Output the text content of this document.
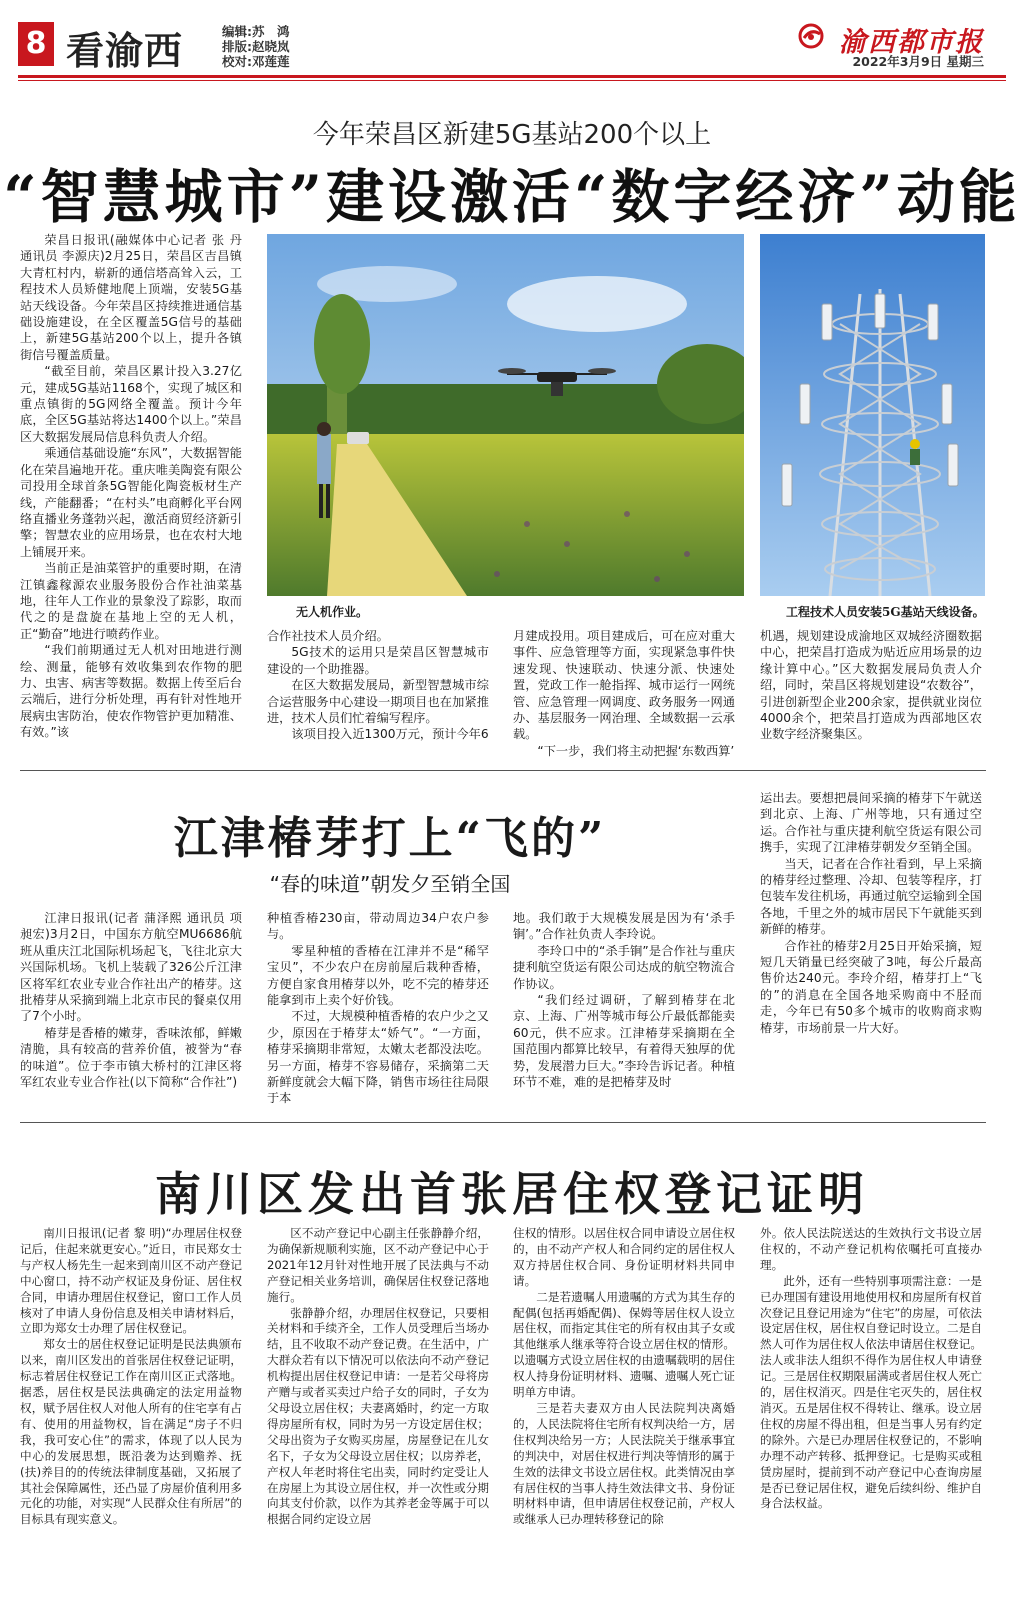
8 看渝西	编辑:苏　鸿
排版:赵晓岚
校对:邓莲莲
渝西都市报
2022年3月9日 星期三
今年荣昌区新建5G基站200个以上
“智慧城市”建设激活“数字经济”动能

荣昌日报讯(融媒体中心记者 张 丹 通讯员 李源庆)2月25日，荣昌区吉昌镇大青杠村内，崭新的通信塔高耸入云，工程技术人员矫健地爬上顶端，安装5G基站天线设备。今年荣昌区持续推进通信基础设施建设，在全区覆盖5G信号的基础上，新建5G基站200个以上，提升各镇街信号覆盖质量。

“截至目前，荣昌区累计投入3.27亿元，建成5G基站1168个，实现了城区和重点镇街的5G网络全覆盖。预计今年底，全区5G基站将达1400个以上。”荣昌区大数据发展局信息科负责人介绍。

乘通信基础设施“东风”，大数据智能化在荣昌遍地开花。重庆唯美陶瓷有限公司投用全球首条5G智能化陶瓷板材生产线，产能翻番；“在村头”电商孵化平台网络直播业务蓬勃兴起，激活商贸经济新引擎；智慧农业的应用场景，也在农村大地上铺展开来。

当前正是油菜管护的重要时期，在清江镇鑫稼源农业服务股份合作社油菜基地，往年人工作业的景象没了踪影，取而代之的是盘旋在基地上空的无人机，正“勤奋”地进行喷药作业。

“我们前期通过无人机对田地进行测绘、测量，能够有效收集到农作物的肥力、虫害、病害等数据。数据上传至后台云端后，进行分析处理，再有针对性地开展病虫害防治，使农作物管护更加精准、有效。”该

无人机作业。	工程技术人员安装5G基站天线设备。

合作社技术人员介绍。

5G技术的运用只是荣昌区智慧城市建设的一个助推器。

在区大数据发展局，新型智慧城市综合运营服务中心建设一期项目也在加紧推进，技术人员们忙着编写程序。

该项目投入近1300万元，预计今年6

月建成投用。项目建成后，可在应对重大事件、应急管理等方面，实现紧急事件快速发现、快速联动、快速分派、快速处置，党政工作一舱指挥、城市运行一网统管、应急管理一网调度、政务服务一网通办、基层服务一网治理、全域数据一云承载。

“下一步，我们将主动把握‘东数西算’

机遇，规划建设成渝地区双城经济圈数据中心，把荣昌打造成为贴近应用场景的边缘计算中心。”区大数据发展局负责人介绍，同时，荣昌区将规划建设“农数谷”，引进创新型企业200余家，提供就业岗位4000余个，把荣昌打造成为西部地区农业数字经济聚集区。

江津椿芽打上“飞的”
“春的味道”朝发夕至销全国

江津日报讯(记者 蒲泽熙 通讯员 项 昶宏)3月2日，中国东方航空MU6686航班从重庆江北国际机场起飞，飞往北京大兴国际机场。飞机上装载了326公斤江津区将军红农业专业合作社出产的椿芽。这批椿芽从采摘到端上北京市民的餐桌仅用了7个小时。

椿芽是香椿的嫩芽，香味浓郁，鲜嫩清脆，具有较高的营养价值，被誉为“春的味道”。位于李市镇大桥村的江津区将军红农业专业合作社(以下简称“合作社”)

种植香椿230亩，带动周边34户农户参与。

零星种植的香椿在江津并不是“稀罕宝贝”，不少农户在房前屋后栽种香椿，方便自家食用椿芽以外，吃不完的椿芽还能拿到市上卖个好价钱。

不过，大规模种植香椿的农户少之又少，原因在于椿芽太“娇气”。“一方面，椿芽采摘期非常短，太嫩太老都没法吃。另一方面，椿芽不容易储存，采摘第二天新鲜度就会大幅下降，销售市场往往局限于本

地。我们敢于大规模发展是因为有‘杀手锏’。”合作社负责人李玲说。

李玲口中的“杀手锏”是合作社与重庆捷利航空货运有限公司达成的航空物流合作协议。

“我们经过调研，了解到椿芽在北京、上海、广州等城市每公斤最低都能卖60元，供不应求。江津椿芽采摘期在全国范围内都算比较早，有着得天独厚的优势，发展潜力巨大。”李玲告诉记者。种植环节不难，难的是把椿芽及时

运出去。要想把晨间采摘的椿芽下午就送到北京、上海、广州等地，只有通过空运。合作社与重庆捷利航空货运有限公司携手，实现了江津椿芽朝发夕至销全国。

当天，记者在合作社看到，早上采摘的椿芽经过整理、冷却、包装等程序，打包装车发往机场，再通过航空运输到全国各地，千里之外的城市居民下午就能买到新鲜的椿芽。

合作社的椿芽2月25日开始采摘，短短几天销量已经突破了3吨，每公斤最高售价达240元。李玲介绍，椿芽打上“飞的”的消息在全国各地采购商中不胫而走，今年已有50多个城市的收购商求购椿芽，市场前景一片大好。

南川区发出首张居住权登记证明

南川日报讯(记者 黎 明)“办理居住权登记后，住起来就更安心。”近日，市民郑女士与产权人杨先生一起来到南川区不动产登记中心窗口，持不动产权证及身份证、居住权合同，申请办理居住权登记，窗口工作人员核对了申请人身份信息及相关申请材料后，立即为郑女士办理了居住权登记。

郑女士的居住权登记证明是民法典颁布以来，南川区发出的首张居住权登记证明，标志着居住权登记工作在南川区正式落地。据悉，居住权是民法典确定的法定用益物权，赋予居住权人对他人所有的住宅享有占有、使用的用益物权，旨在满足“房子不归我，我可安心住”的需求，体现了以人民为中心的发展思想，既沿袭为达到赡养、抚(扶)养目的的传统法律制度基础，又拓展了其社会保障属性，还凸显了房屋价值利用多元化的功能，对实现“人民群众住有所居”的目标具有现实意义。

区不动产登记中心副主任张静静介绍，为确保新规顺利实施，区不动产登记中心于2021年12月针对性地开展了民法典与不动产登记相关业务培训，确保居住权登记落地施行。

张静静介绍，办理居住权登记，只要相关材料和手续齐全，工作人员受理后当场办结，且不收取不动产登记费。在生活中，广大群众若有以下情况可以依法向不动产登记机构提出居住权登记申请：一是若父母将房产赠与或者买卖过户给子女的同时，子女为父母设立居住权；夫妻离婚时，约定一方取得房屋所有权，同时为另一方设定居住权；父母出资为子女购买房屋，房屋登记在儿女名下，子女为父母设立居住权；以房养老，产权人年老时将住宅出卖，同时约定受让人在房屋上为其设立居住权，并一次性或分期向其支付价款，以作为其养老金等属于可以根据合同约定设立居

住权的情形。以居住权合同申请设立居住权的，由不动产产权人和合同约定的居住权人双方持居住权合同、身份证明材料共同申请。

二是若遗嘱人用遗嘱的方式为其生存的配偶(包括再婚配偶)、保姆等居住权人设立居住权，而指定其住宅的所有权由其子女或其他继承人继承等符合设立居住权的情形。以遗嘱方式设立居住权的由遗嘱载明的居住权人持身份证明材料、遗嘱、遗嘱人死亡证明单方申请。

三是若夫妻双方由人民法院判决离婚的，人民法院将住宅所有权判决给一方，居住权判决给另一方；人民法院关于继承事宜的判决中，对居住权进行判决等情形的属于生效的法律文书设立居住权。此类情况由享有居住权的当事人持生效法律文书、身份证明材料申请，但申请居住权登记前，产权人或继承人已办理转移登记的除

外。依人民法院送达的生效执行文书设立居住权的，不动产登记机构依嘱托可直接办理。

此外，还有一些特别事项需注意：一是已办理国有建设用地使用权和房屋所有权首次登记且登记用途为“住宅”的房屋，可依法设定居住权，居住权自登记时设立。二是自然人可作为居住权人依法申请居住权登记。法人或非法人组织不得作为居住权人申请登记。三是居住权期限届满或者居住权人死亡的，居住权消灭。四是住宅灭失的，居住权消灭。五是居住权不得转让、继承。设立居住权的房屋不得出租，但是当事人另有约定的除外。六是已办理居住权登记的，不影响办理不动产转移、抵押登记。七是购买或租赁房屋时，提前到不动产登记中心查询房屋是否已登记居住权，避免后续纠纷、维护自身合法权益。
